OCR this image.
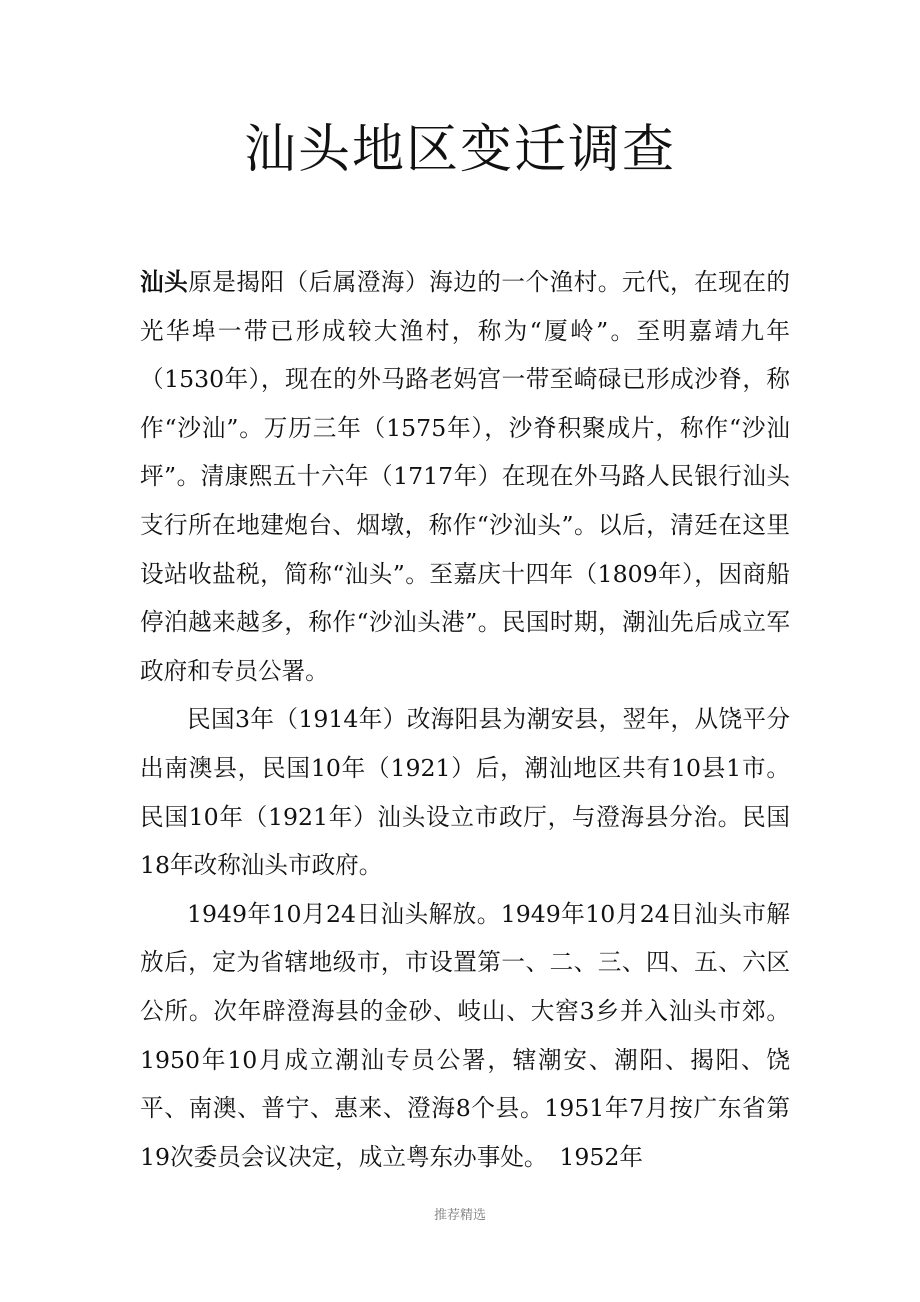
汕头地区变迁调查

汕头原是揭阳（后属澄海）海边的一个渔村。元代，在现在的光华埠一带已形成较大渔村，称为“厦岭”。至明嘉靖九年（1530年），现在的外马路老妈宫一带至崎碌已形成沙脊，称作“沙汕”。万历三年（1575年），沙脊积聚成片，称作“沙汕坪”。清康熙五十六年（1717年）在现在外马路人民银行汕头支行所在地建炮台、烟墩，称作“沙汕头”。以后，清廷在这里设站收盐税，简称“汕头”。至嘉庆十四年（1809年），因商船停泊越来越多，称作“沙汕头港”。民国时期，潮汕先后成立军政府和专员公署。

民国3年（1914年）改海阳县为潮安县，翌年，从饶平分出南澳县，民国10年（1921）后，潮汕地区共有10县1市。民国10年（1921年）汕头设立市政厅，与澄海县分治。民国18年改称汕头市政府。

1949年10月24日汕头解放。1949年10月24日汕头市解放后，定为省辖地级市，市设置第一、二、三、四、五、六区公所。次年辟澄海县的金砂、岐山、大窖3乡并入汕头市郊。1950年10月成立潮汕专员公署，辖潮安、潮阳、揭阳、饶平、南澳、普宁、惠来、澄海8个县。1951年7月按广东省第19次委员会议决定，成立粤东办事处。　1952年

推荐精选
